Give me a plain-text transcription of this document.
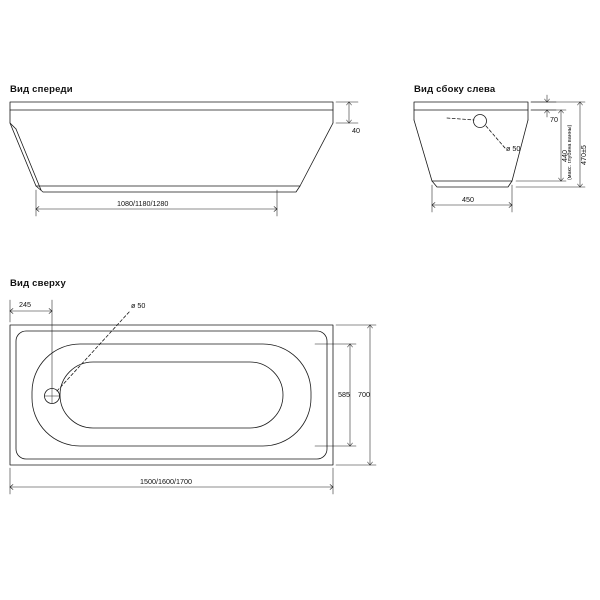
Вид спереди	Вид сбоку слева
Вид сверху
40
1080/1180/1280
70
440
(макс. глубина ванны) 470±5
450
ø 50
245
585 700
1500/1600/1700
ø 50
